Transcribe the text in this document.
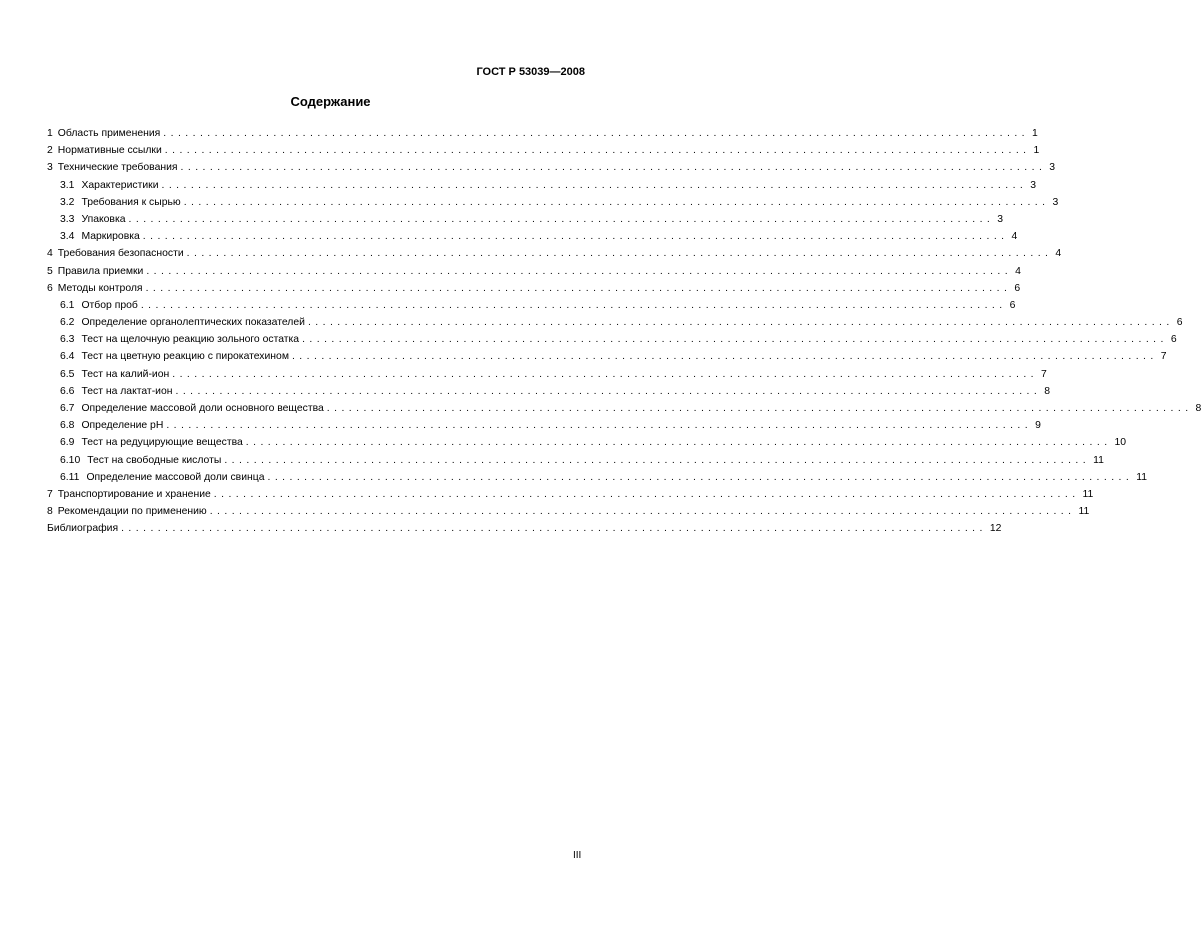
ГОСТ Р 53039—2008
Содержание
1 Область применения ...................................................................................................................... 1
2 Нормативные ссылки ...................................................................................................................... 1
3 Технические требования ...................................................................................................................... 3
3.1 Характеристики ...................................................................................................................... 3
3.2 Требования к сырью ...................................................................................................................... 3
3.3 Упаковка ...................................................................................................................... 3
3.4 Маркировка ...................................................................................................................... 4
4 Требования безопасности ...................................................................................................................... 4
5 Правила приемки ...................................................................................................................... 4
6 Методы контроля ...................................................................................................................... 6
6.1 Отбор проб ...................................................................................................................... 6
6.2 Определение органолептических показателей ...................................................................................................................... 6
6.3 Тест на щелочную реакцию зольного остатка ...................................................................................................................... 6
6.4 Тест на цветную реакцию с пирокатехином ...................................................................................................................... 7
6.5 Тест на калий-ион ...................................................................................................................... 7
6.6 Тест на лактат-ион ...................................................................................................................... 8
6.7 Определение массовой доли основного вещества ...................................................................................................................... 8
6.8 Определение pH ...................................................................................................................... 9
6.9 Тест на редуцирующие вещества ...................................................................................................................... 10
6.10 Тест на свободные кислоты ...................................................................................................................... 11
6.11 Определение массовой доли свинца ...................................................................................................................... 11
7 Транспортирование и хранение ...................................................................................................................... 11
8 Рекомендации по применению ...................................................................................................................... 11
Библиография ...................................................................................................................... 12
III
